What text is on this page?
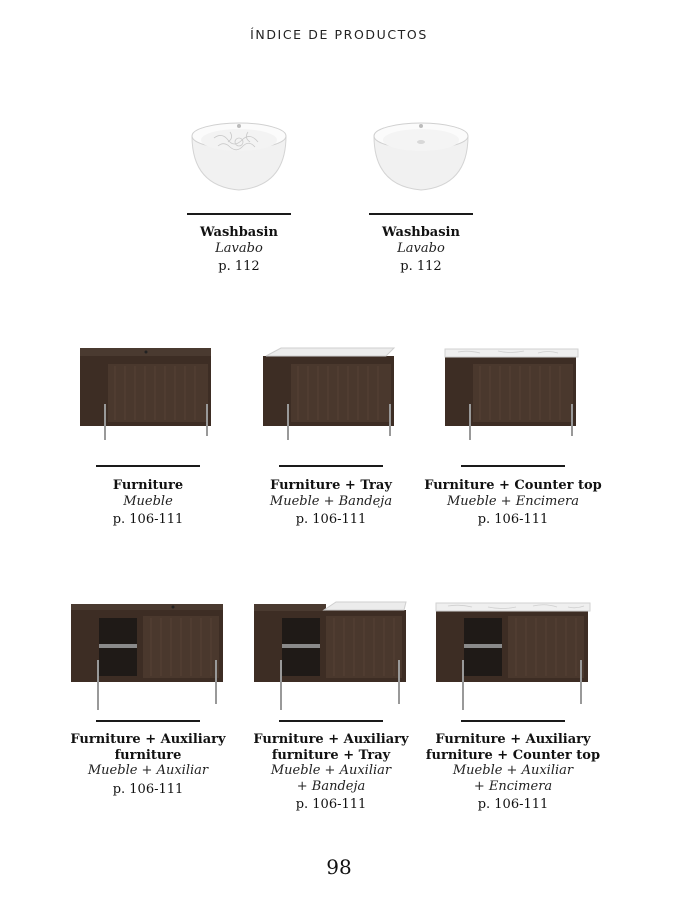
ÍNDICE DE PRODUCTOS
Washbasin
Lavabo
p. 112
Washbasin
Lavabo
p. 112
Furniture
Mueble
p. 106-111
Furniture + Tray
Mueble + Bandeja
p. 106-111
Furniture + Counter top
Mueble + Encimera
p. 106-111
Furniture + Auxiliary
furniture
Mueble + Auxiliar
p. 106-111
Furniture + Auxiliary
furniture + Tray
Mueble + Auxiliar
+ Bandeja
p. 106-111
Furniture + Auxiliary
furniture + Counter top
Mueble + Auxiliar
+ Encimera
p. 106-111
98
